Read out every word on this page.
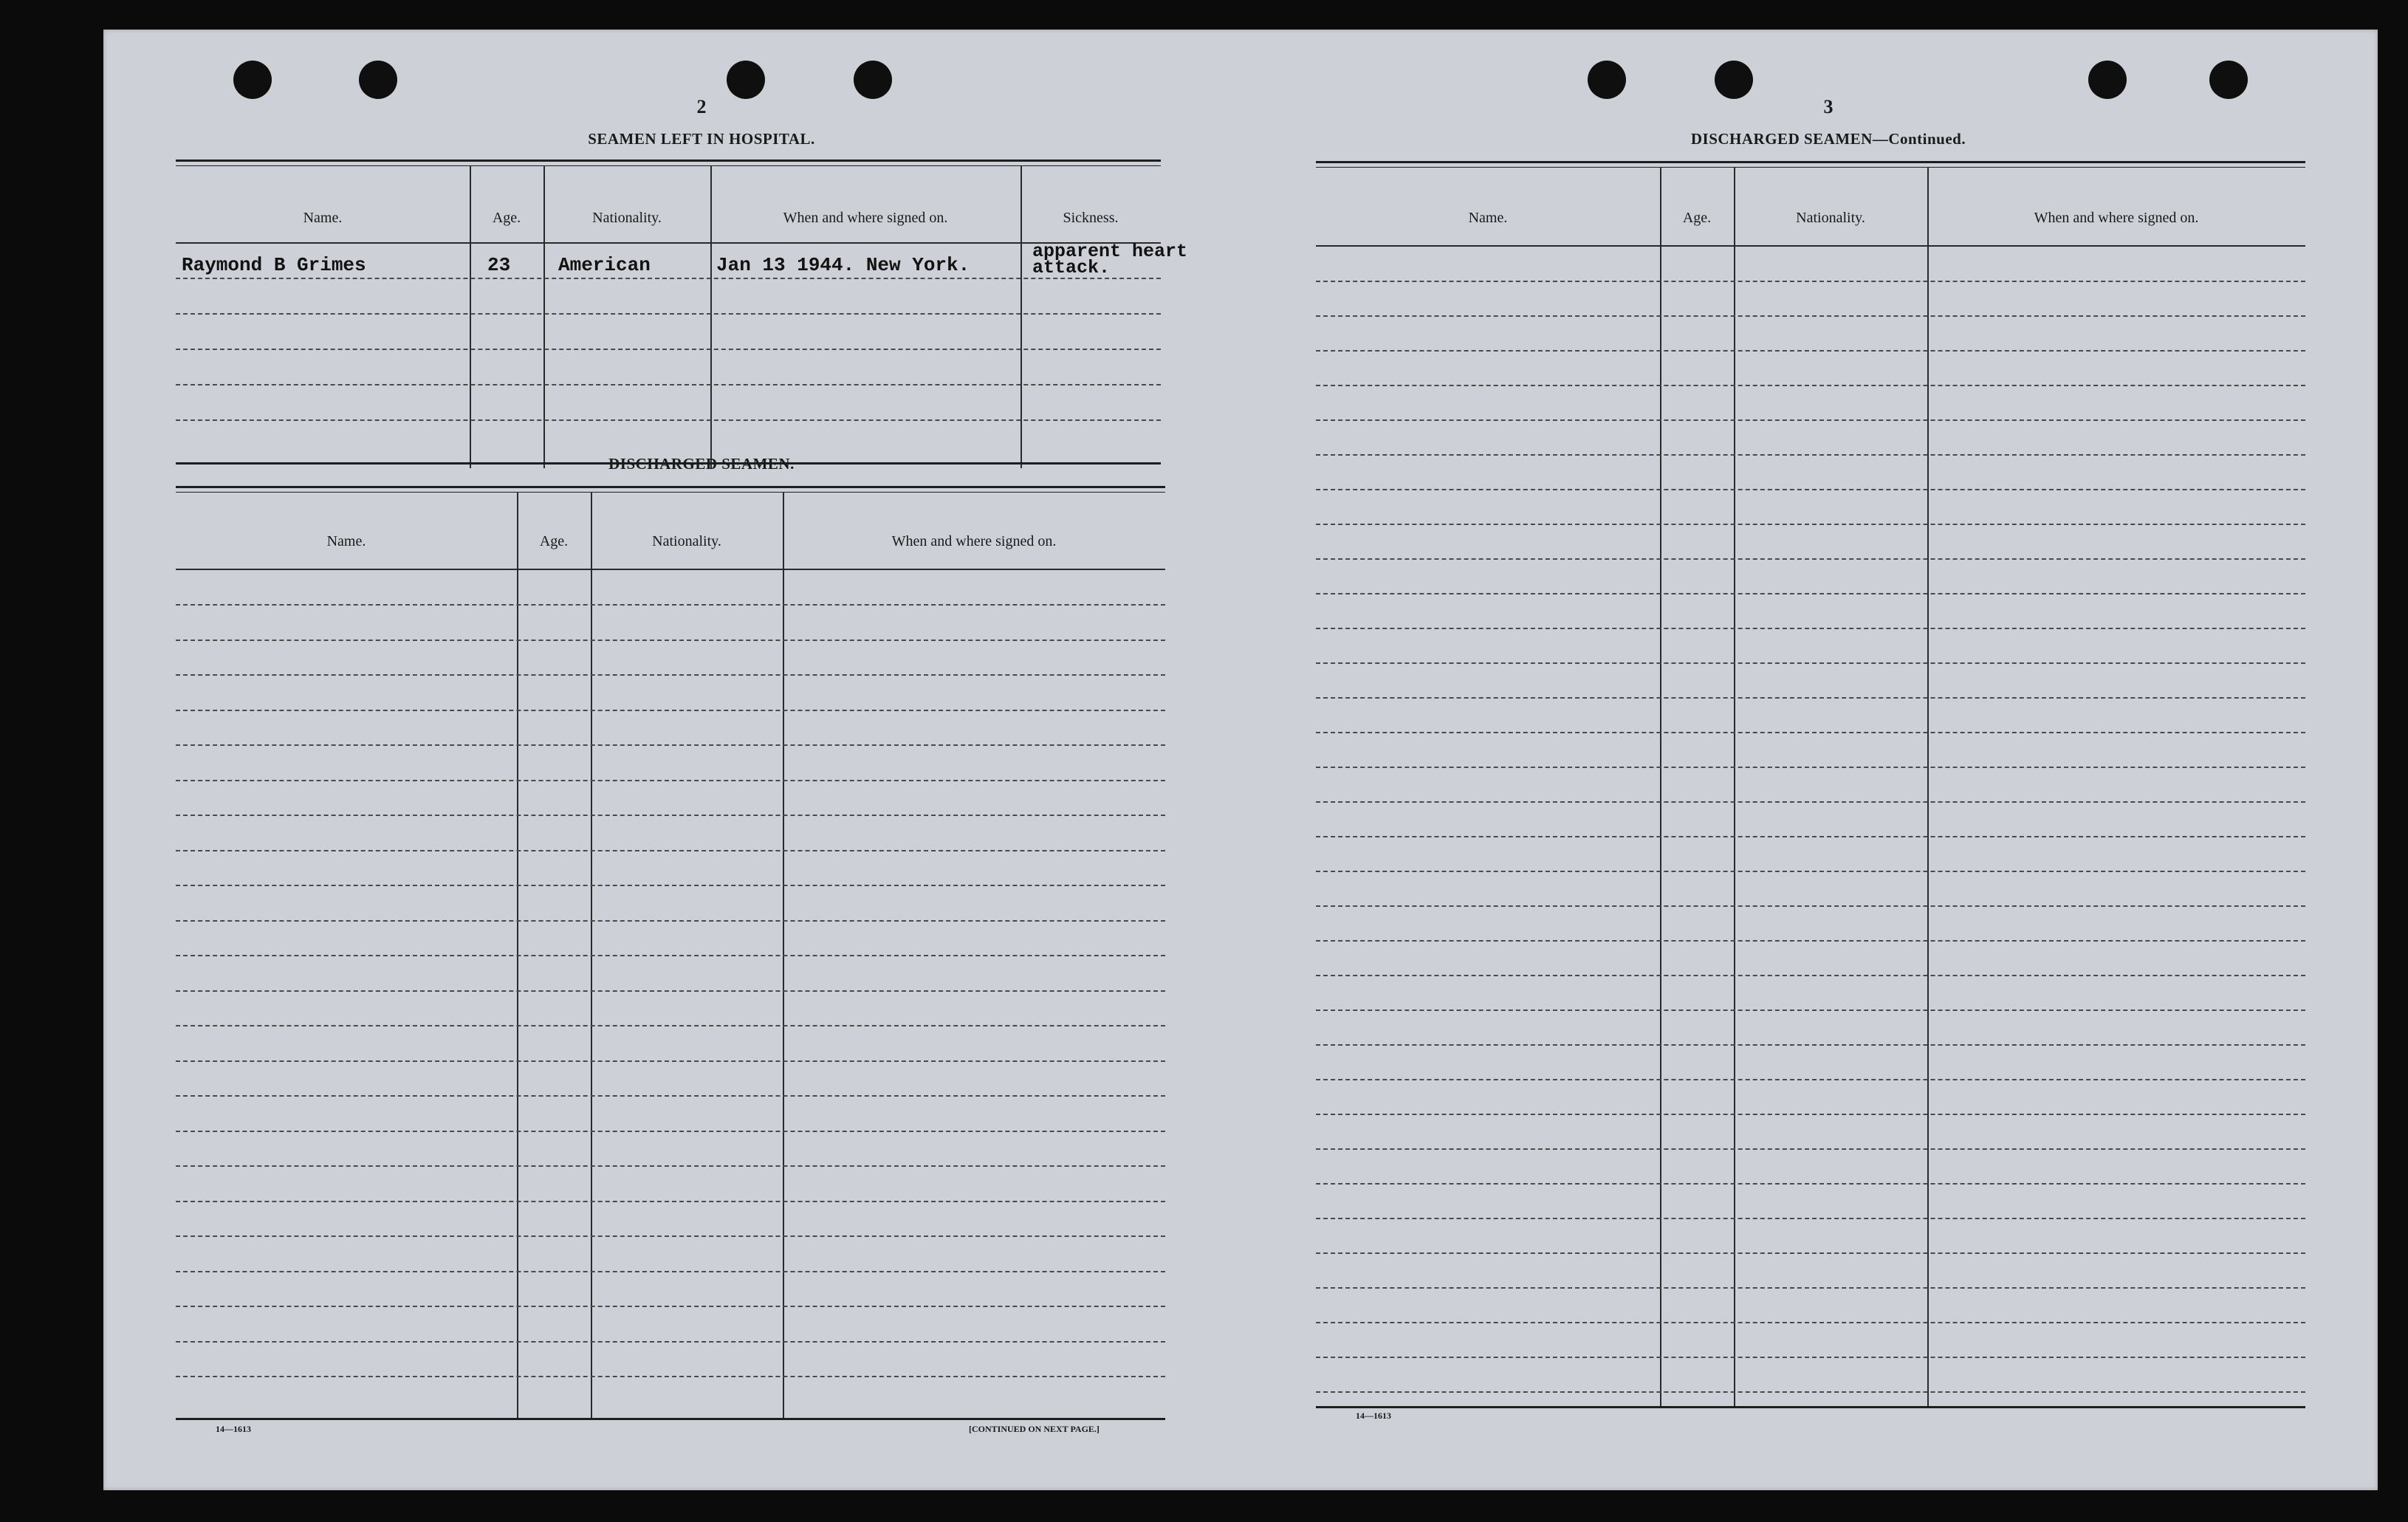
2
SEAMEN LEFT IN HOSPITAL.
Name.	Age.	Nationality.	When and where signed on.	Sickness.
Raymond B Grimes	23 American	Jan 13 1944. New York.
apparent heart
attack.
DISCHARGED SEAMEN.
Name.	Age.	Nationality.	When and where signed on.
14—1613	[CONTINUED ON NEXT PAGE.]
3
DISCHARGED SEAMEN—Continued.
Name.	Age.	Nationality.	When and where signed on.
14—1613
